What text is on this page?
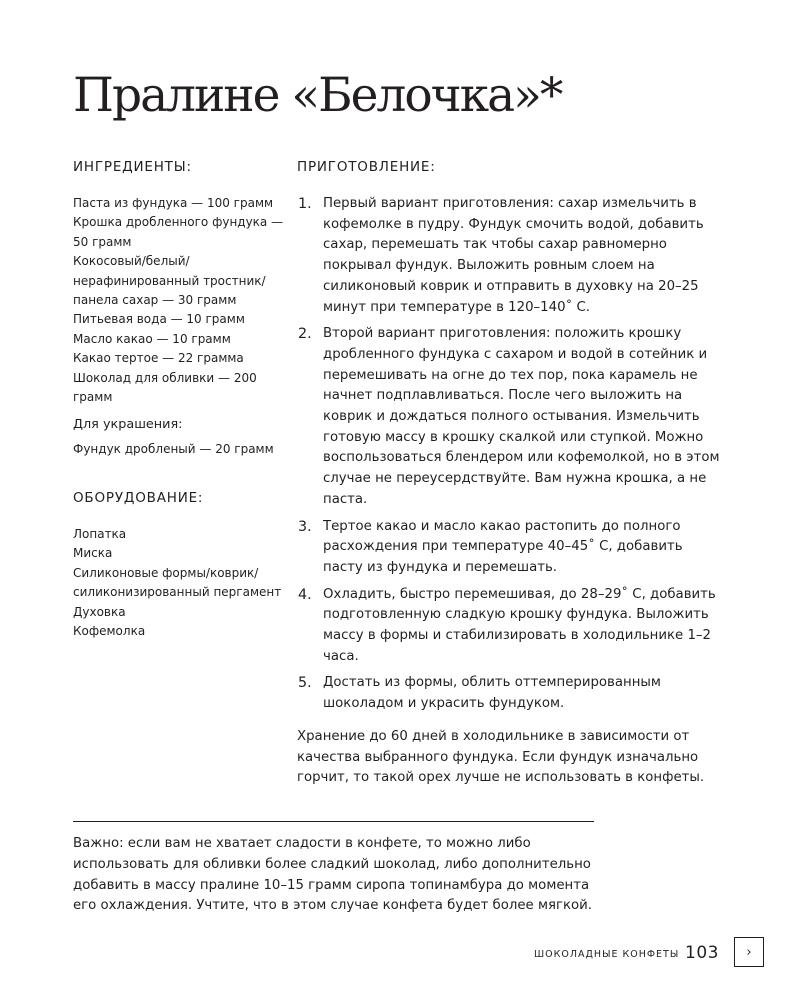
Пралине «Белочка»*
ИНГРЕДИЕНТЫ:
Паста из фундука — 100 грамм
Крошка дробленного фундука — 50 грамм
Кокосовый/белый/ нерафинированный тростник/ панела сахар — 30 грамм
Питьевая вода — 10 грамм
Масло какао — 10 грамм
Какао тертое — 22 грамма
Шоколад для обливки — 200 грамм
Для украшения:
Фундук дробленый — 20 грамм
ОБОРУДОВАНИЕ:
Лопатка
Миска
Силиконовые формы/коврик/ силиконизированный пергамент
Духовка
Кофемолка
ПРИГОТОВЛЕНИЕ:
1. Первый вариант приготовления: сахар измельчить в кофемолке в пудру. Фундук смочить водой, добавить сахар, перемешать так чтобы сахар равномерно покрывал фундук. Выложить ровным слоем на силиконовый коврик и отправить в духовку на 20–25 минут при температуре в 120–140˚ С.
2. Второй вариант приготовления: положить крошку дробленного фундука с сахаром и водой в сотейник и перемешивать на огне до тех пор, пока карамель не начнет подплавливаться. После чего выложить на коврик и дождаться полного остывания. Измельчить готовую массу в крошку скалкой или ступкой. Можно воспользоваться блендером или кофемолкой, но в этом случае не переусердствуйте. Вам нужна крошка, а не паста.
3. Тертое какао и масло какао растопить до полного расхождения при температуре 40–45˚ С, добавить пасту из фундука и перемешать.
4. Охладить, быстро перемешивая, до 28–29˚ С, добавить подготовленную сладкую крошку фундука. Выложить массу в формы и стабилизировать в холодильнике 1–2 часа.
5. Достать из формы, облить оттемперированным шоколадом и украсить фундуком.
Хранение до 60 дней в холодильнике в зависимости от качества выбранного фундука. Если фундук изначально горчит, то такой орех лучше не использовать в конфеты.
Важно: если вам не хватает сладости в конфете, то можно либо использовать для обливки более сладкий шоколад, либо дополнительно добавить в массу пралине 10–15 грамм сиропа топинамбура до момента его охлаждения. Учтите, что в этом случае конфета будет более мягкой.
ШОКОЛАДНЫЕ КОНФЕТЫ 103 ›
